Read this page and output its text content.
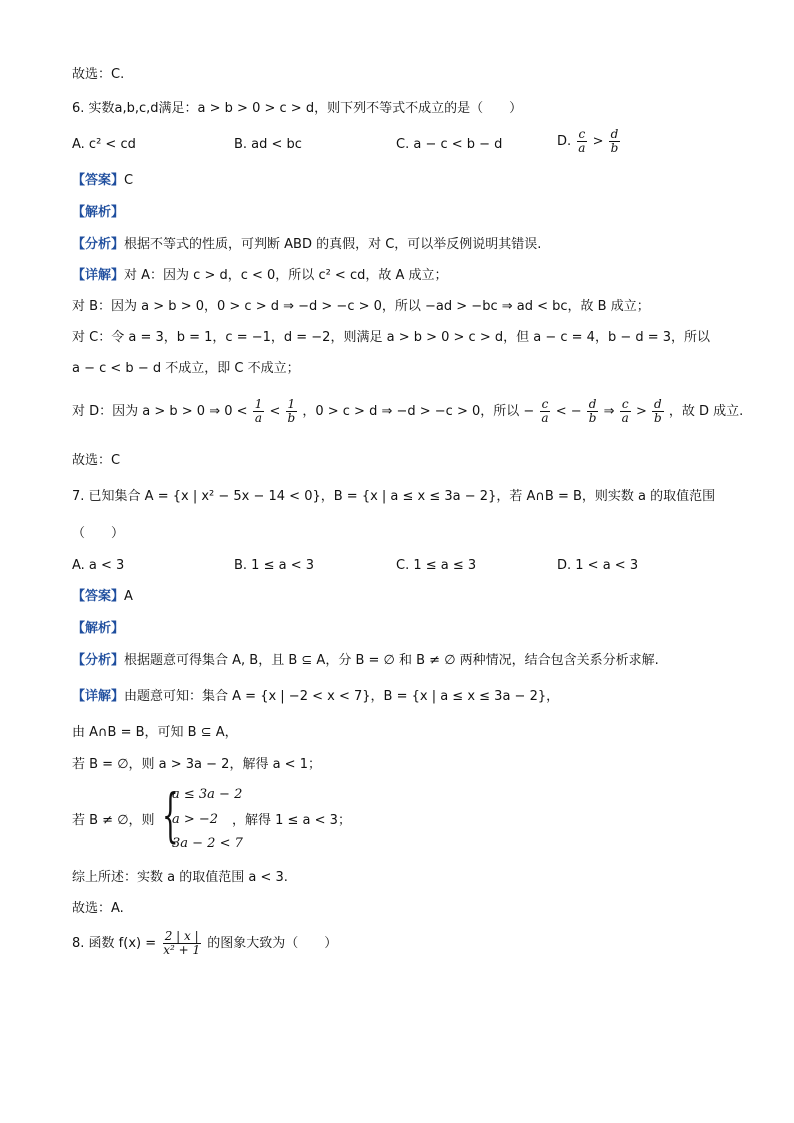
故选：C.
6. 实数a,b,c,d满足：a > b > 0 > c > d，则下列不等式不成立的是（　　）
A. c² < cd	B. ad < bc	C. a − c < b − d	D. $\frac{c}{a} > \frac{d}{b}$
【答案】C
【解析】
【分析】根据不等式的性质，可判断 ABD 的真假，对 C，可以举反例说明其错误.
【详解】对 A：因为 c > d，c < 0，所以 c² < cd，故 A 成立；
对 B：因为 a > b > 0，0 > c > d ⇒ −d > −c > 0，所以 −ad > −bc ⇒ ad < bc，故 B 成立；
对 C：令 a = 3，b = 1，c = −1，d = −2，则满足 a > b > 0 > c > d，但 a − c = 4，b − d = 3，所以
a − c < b − d 不成立，即 C 不成立；
对 D：因为 a > b > 0 ⇒ $0 < \frac{1}{a} < \frac{1}{b}$ ，0 > c > d ⇒ −d > −c > 0，所以 − $\frac{c}{a}$ < − $\frac{d}{b}$ ⇒ $\frac{c}{a} > \frac{d}{b}$ ，故 D 成立.
故选：C
7. 已知集合 A = {x | x² − 5x − 14 < 0}，B = {x | a ≤ x ≤ 3a − 2}，若 A∩B = B，则实数 a 的取值范围
（　　）
A. a < 3	B. 1 ≤ a < 3	C. 1 ≤ a ≤ 3	D. 1 < a < 3
【答案】A
【解析】
【分析】根据题意可得集合 A, B，且 B ⊆ A，分 B = ∅ 和 B ≠ ∅ 两种情况，结合包含关系分析求解.
【详解】由题意可知：集合 A = {x | −2 < x < 7}，B = {x | a ≤ x ≤ 3a − 2}，
由 A∩B = B，可知 B ⊆ A，
若 B = ∅，则 a > 3a − 2，解得 a < 1；
若 B ≠ ∅，则 {
a ≤ 3a − 2
a > −2
3a − 2 < 7
，解得 1 ≤ a < 3；
综上所述：实数 a 的取值范围 a < 3.
故选：A.
8. 函数 $f(x) = \frac{2 | x |}{\text{x² + 1}}$ 的图象大致为（　　）
